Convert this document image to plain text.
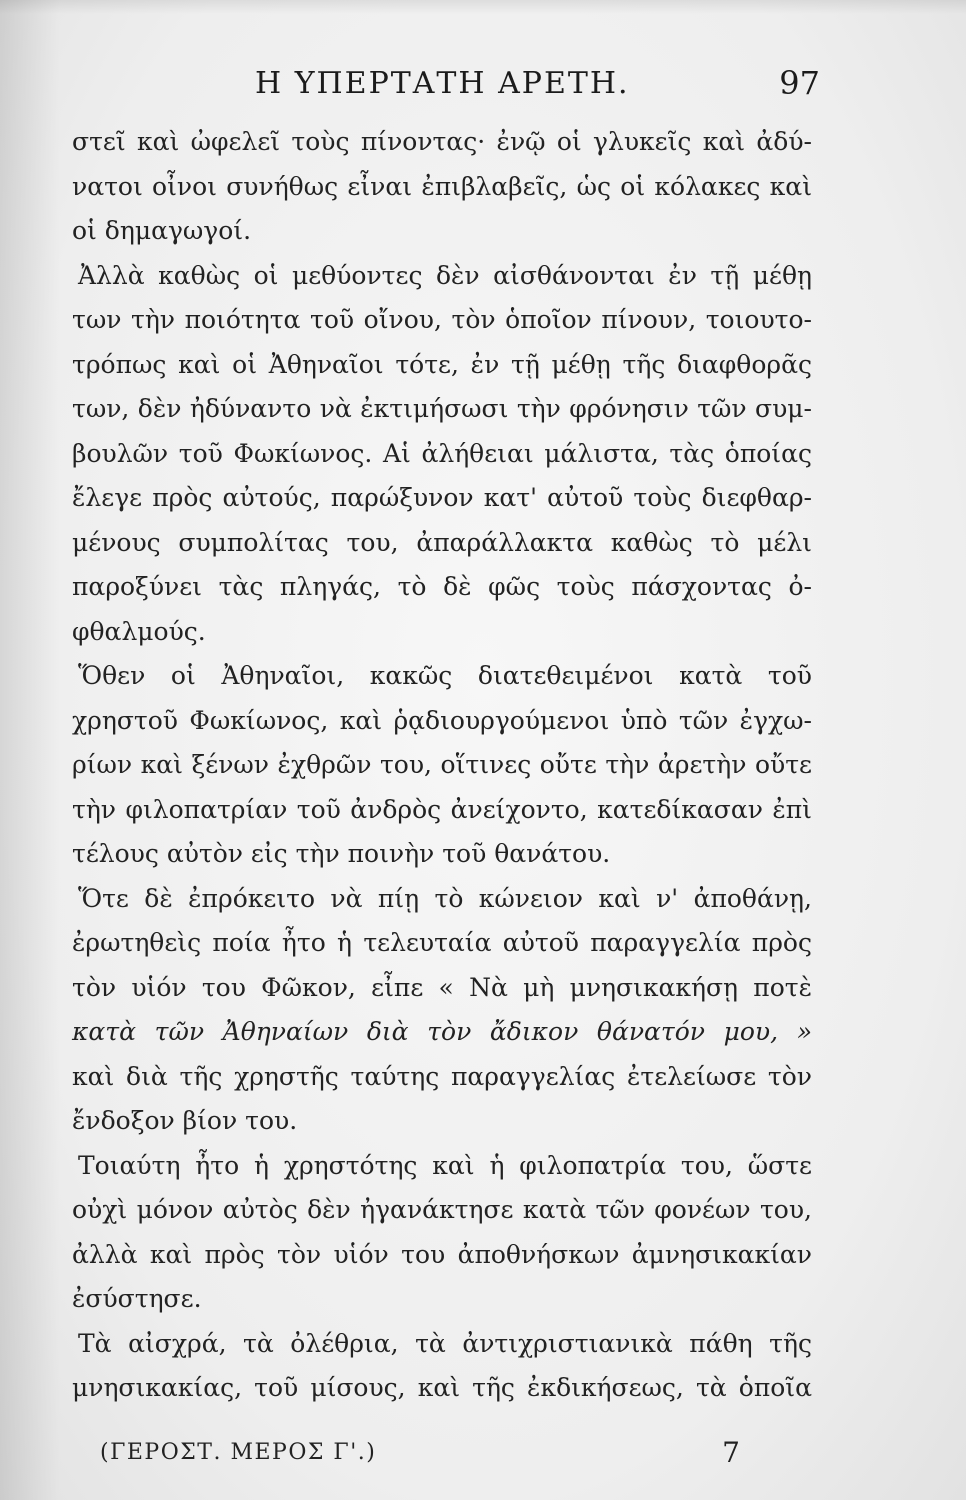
Η ΥΠΕΡΤΑΤΗ ΑΡΕΤΗ.	97
στεῖ καὶ ὠφελεῖ τοὺς πίνοντας· ἐνῷ οἱ γλυκεῖς καὶ ἀδύ-
νατοι οἶνοι συνήθως εἶναι ἐπιβλαβεῖς, ὡς οἱ κόλακες καὶ
οἱ δημαγωγοί.
Ἀλλὰ καθὼς οἱ μεθύοντες δὲν αἰσθάνονται ἐν τῇ μέθῃ
των τὴν ποιότητα τοῦ οἴνου, τὸν ὁποῖον πίνουν, τοιουτο-
τρόπως καὶ οἱ Ἀθηναῖοι τότε, ἐν τῇ μέθῃ τῆς διαφθορᾶς
των, δὲν ἠδύναντο νὰ ἐκτιμήσωσι τὴν φρόνησιν τῶν συμ-
βουλῶν τοῦ Φωκίωνος. Αἱ ἀλήθειαι μάλιστα, τὰς ὁποίας
ἔλεγε πρὸς αὐτούς, παρώξυνον κατ' αὐτοῦ τοὺς διεφθαρ-
μένους συμπολίτας του, ἀπαράλλακτα καθὼς τὸ μέλι
παροξύνει τὰς πληγάς, τὸ δὲ φῶς τοὺς πάσχοντας ὀ-
φθαλμούς.
Ὅθεν οἱ Ἀθηναῖοι, κακῶς διατεθειμένοι κατὰ τοῦ
χρηστοῦ Φωκίωνος, καὶ ῥᾳδιουργούμενοι ὑπὸ τῶν ἐγχω-
ρίων καὶ ξένων ἐχθρῶν του, οἵτινες οὔτε τὴν ἀρετὴν οὔτε
τὴν φιλοπατρίαν τοῦ ἀνδρὸς ἀνείχοντο, κατεδίκασαν ἐπὶ
τέλους αὐτὸν εἰς τὴν ποινὴν τοῦ θανάτου.
Ὅτε δὲ ἐπρόκειτο νὰ πίῃ τὸ κώνειον καὶ ν' ἀποθάνῃ,
ἐρωτηθεὶς ποία ἦτο ἡ τελευταία αὐτοῦ παραγγελία πρὸς
τὸν υἱόν του Φῶκον, εἶπε « Νὰ μὴ μνησικακήσῃ ποτὲ
κατὰ τῶν Ἀθηναίων διὰ τὸν ἄδικον θάνατόν μου, »
καὶ διὰ τῆς χρηστῆς ταύτης παραγγελίας ἐτελείωσε τὸν
ἔνδοξον βίον του.
Τοιαύτη ἦτο ἡ χρηστότης καὶ ἡ φιλοπατρία του, ὥστε
οὐχὶ μόνον αὐτὸς δὲν ἠγανάκτησε κατὰ τῶν φονέων του,
ἀλλὰ καὶ πρὸς τὸν υἱόν του ἀποθνήσκων ἀμνησικακίαν
ἐσύστησε.
Τὰ αἰσχρά, τὰ ὀλέθρια, τὰ ἀντιχριστιανικὰ πάθη τῆς
μνησικακίας, τοῦ μίσους, καὶ τῆς ἐκδικήσεως, τὰ ὁποῖα
(ΓΕΡΟΣΤ. ΜΕΡΟΣ Γ'.)	7
